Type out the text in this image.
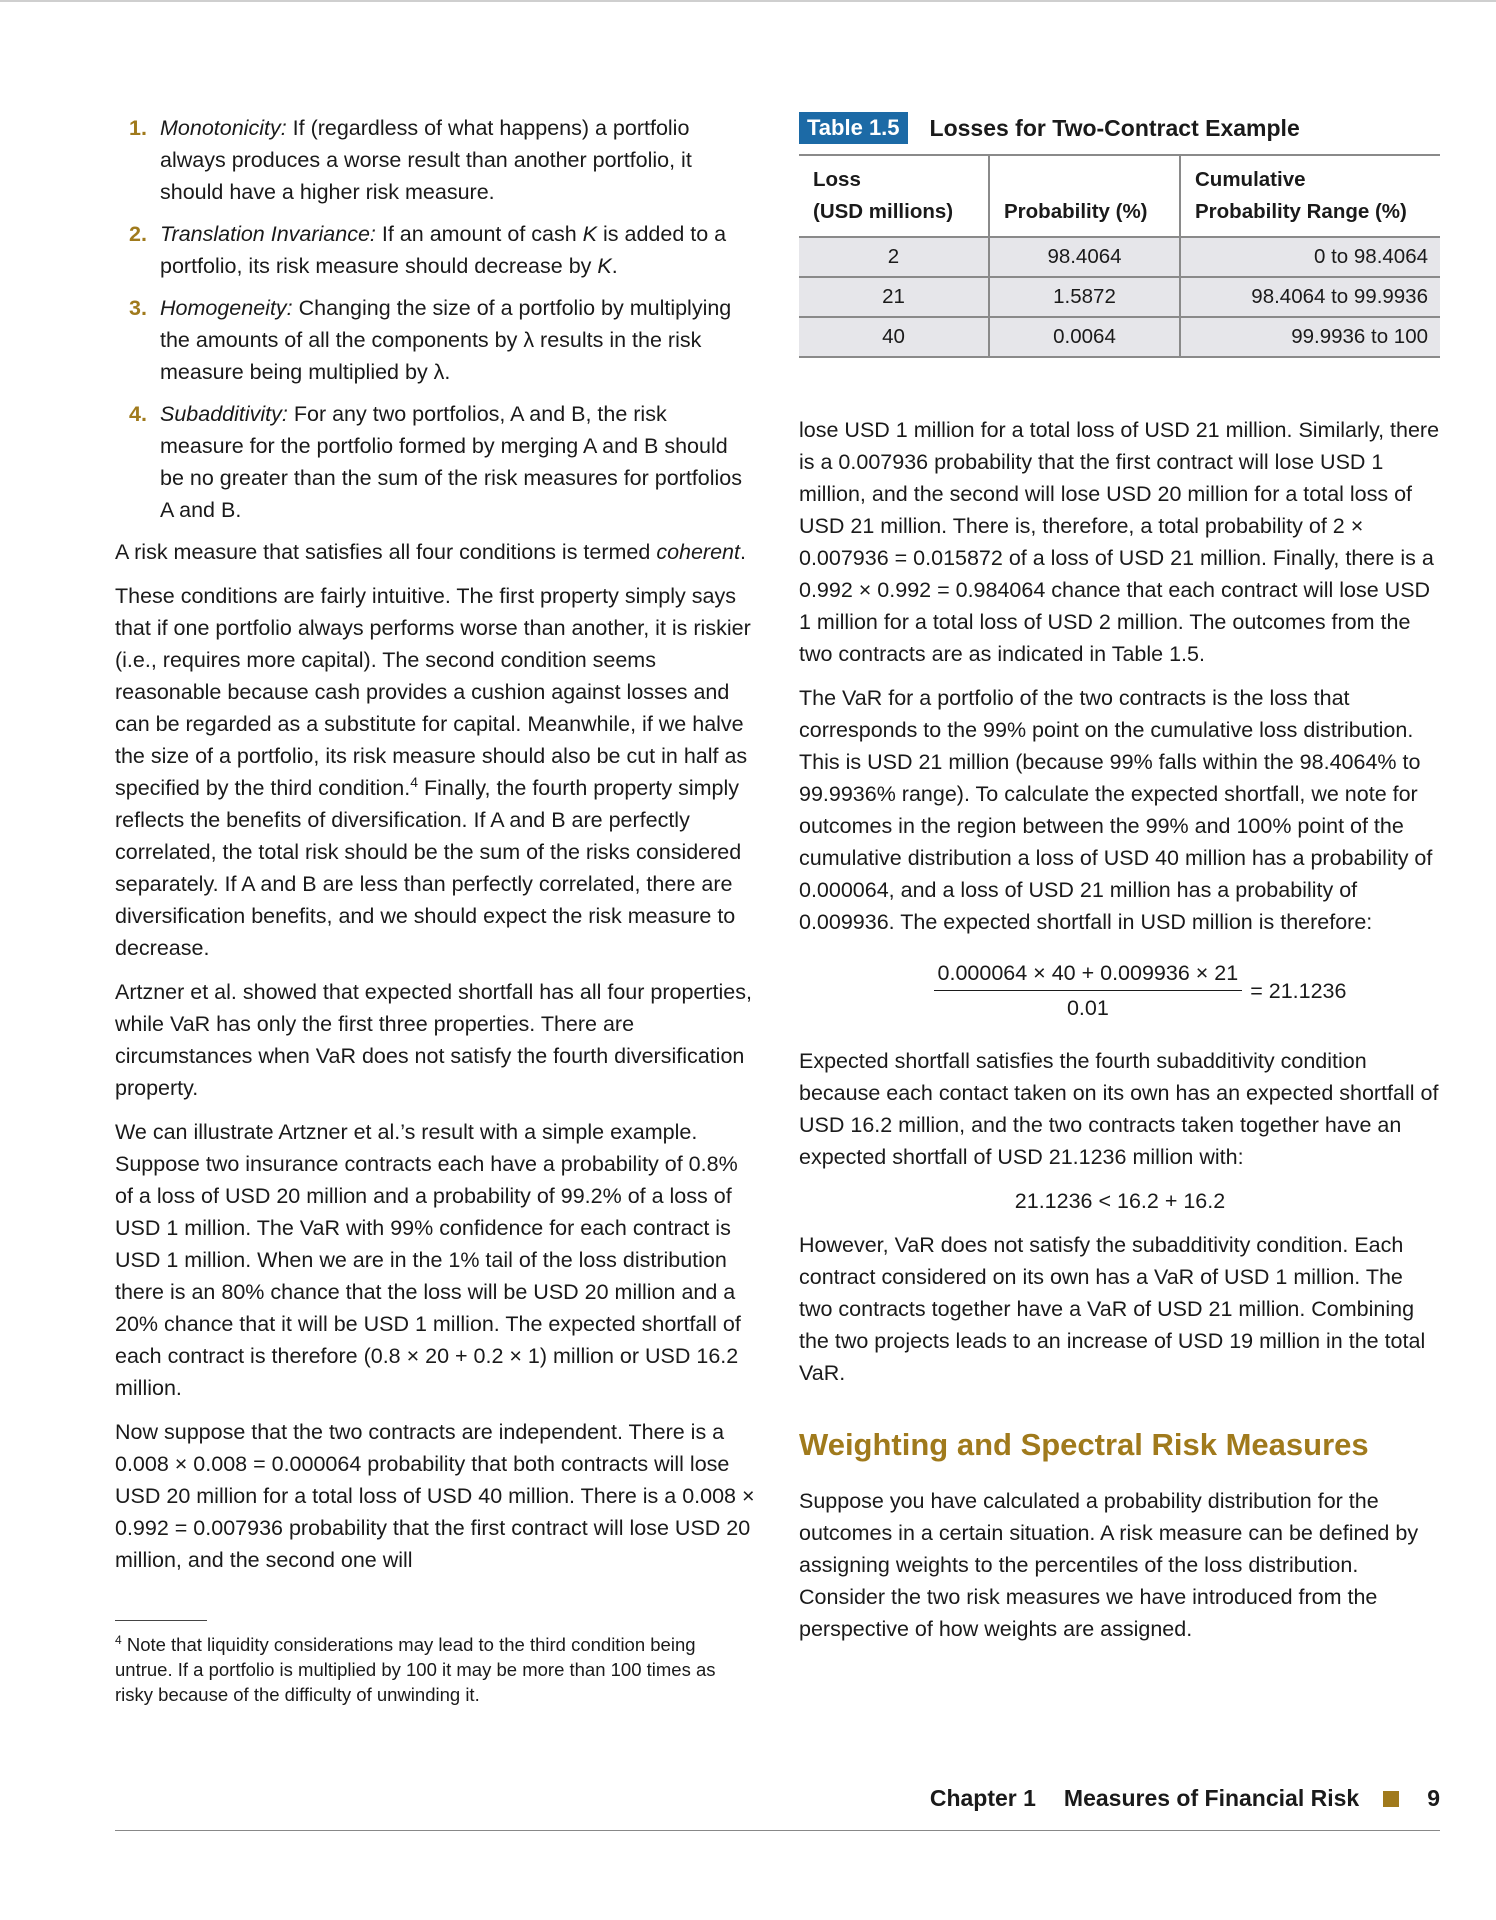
1. Monotonicity: If (regardless of what happens) a portfolio always produces a worse result than another portfolio, it should have a higher risk measure.
2. Translation Invariance: If an amount of cash K is added to a portfolio, its risk measure should decrease by K.
3. Homogeneity: Changing the size of a portfolio by multiplying the amounts of all the components by λ results in the risk measure being multiplied by λ.
4. Subadditivity: For any two portfolios, A and B, the risk measure for the portfolio formed by merging A and B should be no greater than the sum of the risk measures for portfolios A and B.

A risk measure that satisfies all four conditions is termed coherent.

These conditions are fairly intuitive. The first property simply says that if one portfolio always performs worse than another, it is riskier (i.e., requires more capital). The second condition seems reasonable because cash provides a cushion against losses and can be regarded as a substitute for capital. Meanwhile, if we halve the size of a portfolio, its risk measure should also be cut in half as specified by the third condition.$^4$ Finally, the fourth property simply reflects the benefits of diversification. If A and B are perfectly correlated, the total risk should be the sum of the risks considered separately. If A and B are less than perfectly correlated, there are diversification benefits, and we should expect the risk measure to decrease.

Artzner et al. showed that expected shortfall has all four properties, while VaR has only the first three properties. There are circumstances when VaR does not satisfy the fourth diversification property.

We can illustrate Artzner et al.’s result with a simple example. Suppose two insurance contracts each have a probability of 0.8% of a loss of USD 20 million and a probability of 99.2% of a loss of USD 1 million. The VaR with 99% confidence for each contract is USD 1 million. When we are in the 1% tail of the loss distribution there is an 80% chance that the loss will be USD 20 million and a 20% chance that it will be USD 1 million. The expected shortfall of each contract is therefore (0.8 × 20 + 0.2 × 1) million or USD 16.2 million.

Now suppose that the two contracts are independent. There is a 0.008 × 0.008 = 0.000064 probability that both contracts will lose USD 20 million for a total loss of USD 40 million. There is a 0.008 × 0.992 = 0.007936 probability that the first contract will lose USD 20 million, and the second one will

$^4$ Note that liquidity considerations may lead to the third condition being untrue. If a portfolio is multiplied by 100 it may be more than 100 times as risky because of the difficulty of unwinding it.
Table 1.5	Losses for Two-Contract Example
Loss
(USD millions)	Probability (%)	Cumulative
Probability Range (%)
2	98.4064	0 to 98.4064
21	1.5872	98.4064 to 99.9936
40	0.0064	99.9936 to 100

lose USD 1 million for a total loss of USD 21 million. Similarly, there is a 0.007936 probability that the first contract will lose USD 1 million, and the second will lose USD 20 million for a total loss of USD 21 million. There is, therefore, a total probability of 2 × 0.007936 = 0.015872 of a loss of USD 21 million. Finally, there is a 0.992 × 0.992 = 0.984064 chance that each contract will lose USD 1 million for a total loss of USD 2 million. The outcomes from the two contracts are as indicated in Table 1.5.

The VaR for a portfolio of the two contracts is the loss that corresponds to the 99% point on the cumulative loss distribution. This is USD 21 million (because 99% falls within the 98.4064% to 99.9936% range). To calculate the expected shortfall, we note for outcomes in the region between the 99% and 100% point of the cumulative distribution a loss of USD 40 million has a probability of 0.000064, and a loss of USD 21 million has a probability of 0.009936. The expected shortfall in USD million is therefore:

$\frac{0.000064 \times 40 + 0.009936 \times 21}{0.01} = 21.1236$

Expected shortfall satisfies the fourth subadditivity condition because each contact taken on its own has an expected shortfall of USD 16.2 million, and the two contracts taken together have an expected shortfall of USD 21.1236 million with:

21.1236 < 16.2 + 16.2

However, VaR does not satisfy the subadditivity condition. Each contract considered on its own has a VaR of USD 1 million. The two contracts together have a VaR of USD 21 million. Combining the two projects leads to an increase of USD 19 million in the total VaR.

Weighting and Spectral Risk Measures

Suppose you have calculated a probability distribution for the outcomes in a certain situation. A risk measure can be defined by assigning weights to the percentiles of the loss distribution. Consider the two risk measures we have introduced from the perspective of how weights are assigned.

Chapter 1 Measures of Financial Risk	9
